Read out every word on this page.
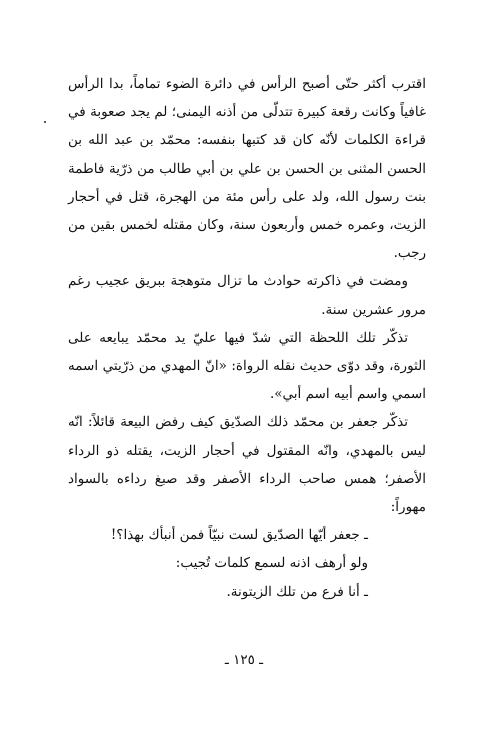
اقترب أكثر حتّى أصبح الرأس في دائرة الضوء تماماً، بدا الرأس غافياً وكانت رقعة كبيرة تتدلّى من أذنه اليمنى؛ لم يجد صعوبة في قراءة الكلمات لأنّه كان قد كتبها بنفسه: محمّد بن عبد الله بن الحسن المثنى بن الحسن بن علي بن أبي طالب من ذرّية فاطمة بنت رسول الله، ولد على رأس مئة من الهجرة، قتل في أحجار الزيت، وعمره خمس وأربعون سنة، وكان مقتله لخمس بقين من رجب.

ومضت في ذاكرته حوادث ما تزال متوهجة ببريق عجيب رغم مرور عشرين سنة.

تذكّر تلك اللحظة التي شدّ فيها عليّ يد محمّد يبايعه على الثورة، وقد دوّى حديث نقله الرواة: «انّ المهدي من ذرّيتي اسمه اسمي واسم أبيه اسم أبي».

تذكّر جعفر بن محمّد ذلك الصدّيق كيف رفض البيعة قائلاً: انّه ليس بالمهدي، وانّه المقتول في أحجار الزيت، يقتله ذو الرداء الأصفر؛ همس صاحب الرداء الأصفر وقد صبغ رداءه بالسواد مهوراً:

ـ جعفر أيّها الصدّيق لست نبيّاً فمن أنبأك بهذا؟!

ولو أرهف اذنه لسمع كلمات تُجيب:

ـ أنا فرع من تلك الزيتونة.

ـ ١٢٥ ـ
